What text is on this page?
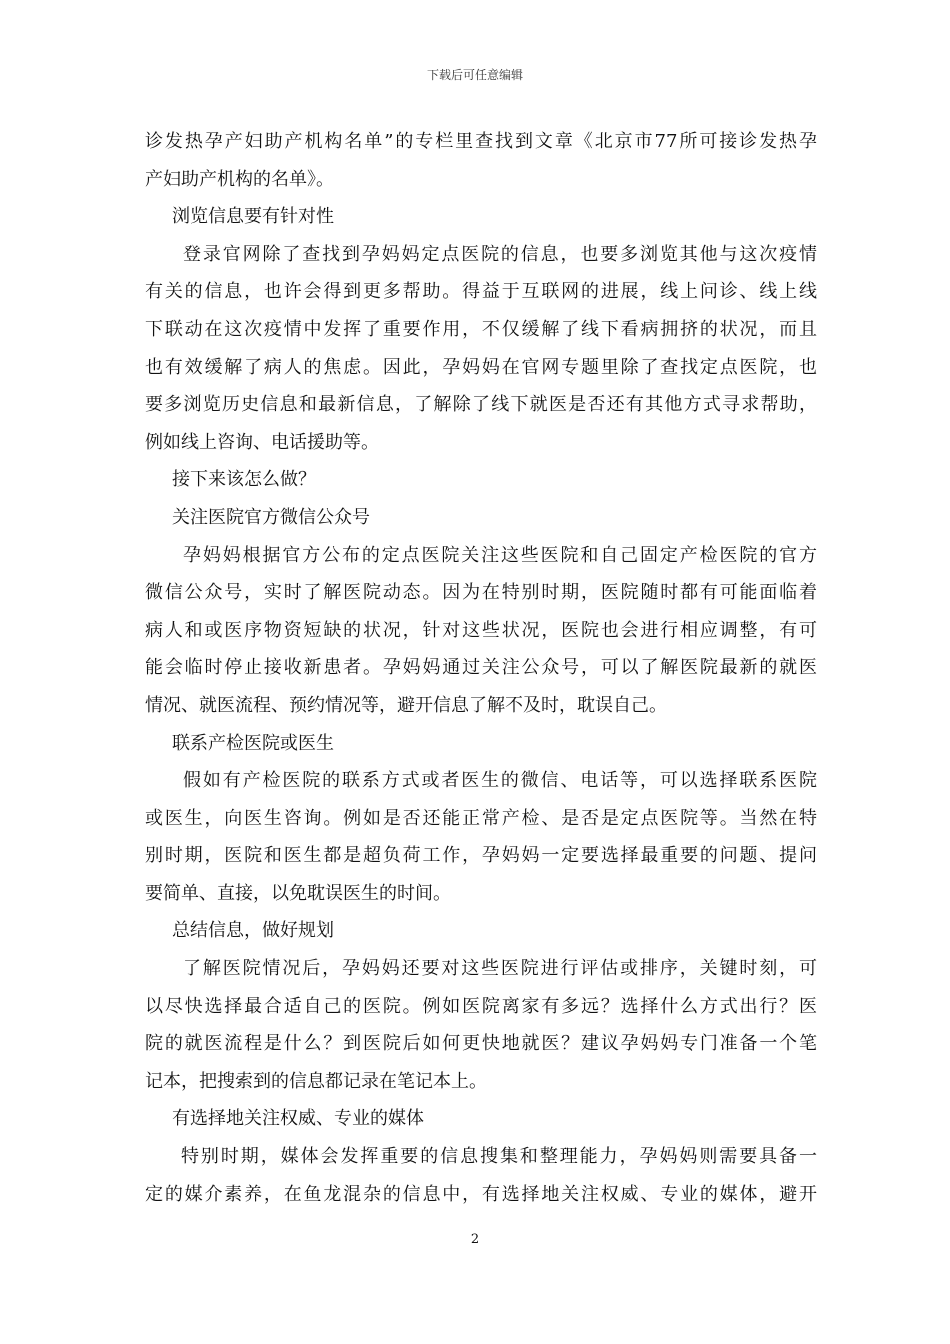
下载后可任意编辑
诊发热孕产妇助产机构名单”的专栏里查找到文章《北京市77所可接诊发热孕
产妇助产机构的名单》。
浏览信息要有针对性
登录官网除了查找到孕妈妈定点医院的信息，也要多浏览其他与这次疫情
有关的信息，也许会得到更多帮助。得益于互联网的进展，线上问诊、线上线
下联动在这次疫情中发挥了重要作用，不仅缓解了线下看病拥挤的状况，而且
也有效缓解了病人的焦虑。因此，孕妈妈在官网专题里除了查找定点医院，也
要多浏览历史信息和最新信息，了解除了线下就医是否还有其他方式寻求帮助，
例如线上咨询、电话援助等。
接下来该怎么做？
关注医院官方微信公众号
孕妈妈根据官方公布的定点医院关注这些医院和自己固定产检医院的官方
微信公众号，实时了解医院动态。因为在特别时期，医院随时都有可能面临着
病人和或医序物资短缺的状况，针对这些状况，医院也会进行相应调整，有可
能会临时停止接收新患者。孕妈妈通过关注公众号，可以了解医院最新的就医
情况、就医流程、预约情况等，避开信息了解不及时，耽误自己。
联系产检医院或医生
假如有产检医院的联系方式或者医生的微信、电话等，可以选择联系医院
或医生，向医生咨询。例如是否还能正常产检、是否是定点医院等。当然在特
别时期，医院和医生都是超负荷工作，孕妈妈一定要选择最重要的问题、提问
要简单、直接，以免耽误医生的时间。
总结信息，做好规划
了解医院情况后，孕妈妈还要对这些医院进行评估或排序，关键时刻，可
以尽快选择最合适自己的医院。例如医院离家有多远？选择什么方式出行？医
院的就医流程是什么？到医院后如何更快地就医？建议孕妈妈专门准备一个笔
记本，把搜索到的信息都记录在笔记本上。
有选择地关注权威、专业的媒体
特别时期，媒体会发挥重要的信息搜集和整理能力，孕妈妈则需要具备一
定的媒介素养，在鱼龙混杂的信息中，有选择地关注权威、专业的媒体，避开
2
